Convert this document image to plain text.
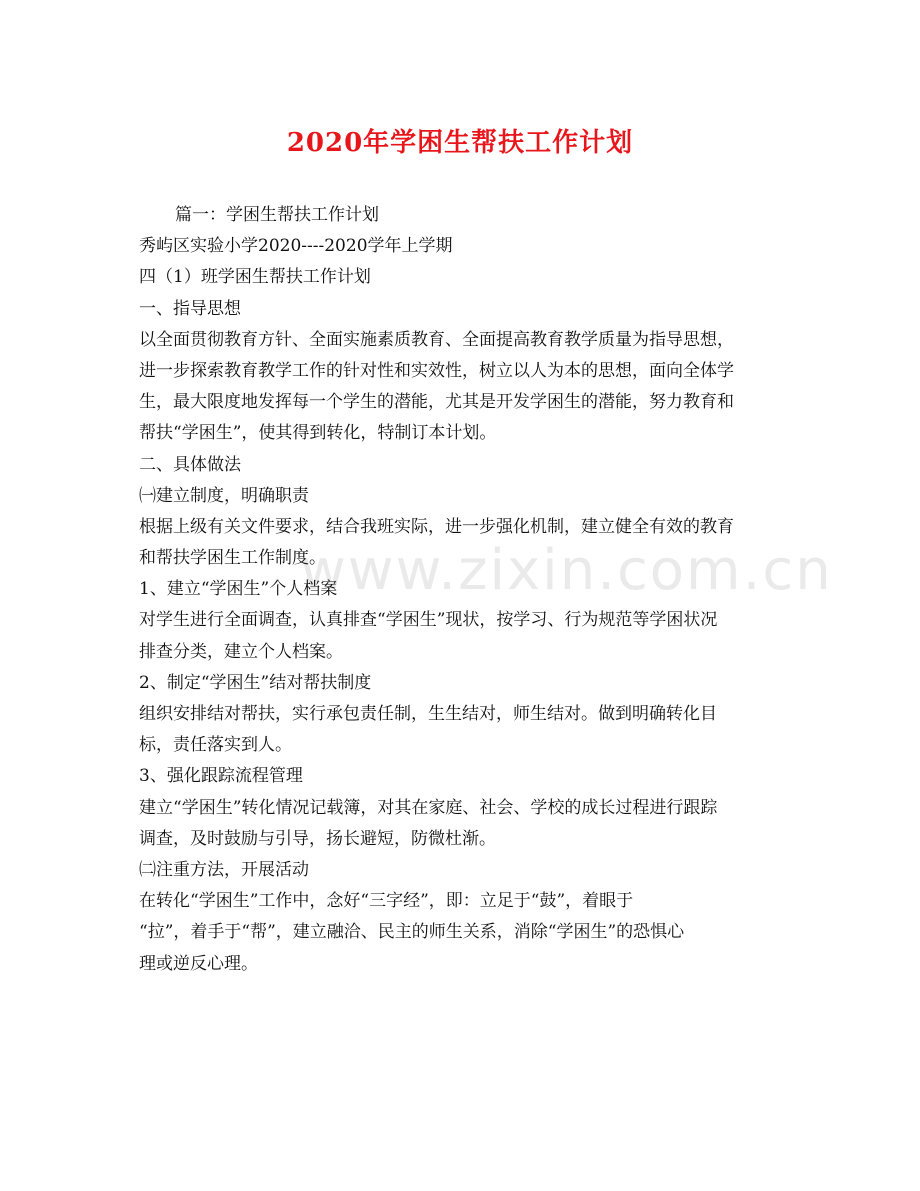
www.zixin.com.cn
2020年学困生帮扶工作计划
篇一：学困生帮扶工作计划
秀屿区实验小学2020----2020学年上学期
四（1）班学困生帮扶工作计划
一、指导思想
以全面贯彻教育方针、全面实施素质教育、全面提高教育教学质量为指导思想，
进一步探索教育教学工作的针对性和实效性，树立以人为本的思想，面向全体学
生，最大限度地发挥每一个学生的潜能，尤其是开发学困生的潜能，努力教育和
帮扶“学困生”，使其得到转化，特制订本计划。
二、具体做法
㈠建立制度，明确职责
根据上级有关文件要求，结合我班实际，进一步强化机制，建立健全有效的教育
和帮扶学困生工作制度。
1、建立“学困生”个人档案
对学生进行全面调查，认真排查“学困生”现状，按学习、行为规范等学困状况
排查分类，建立个人档案。
2、制定“学困生”结对帮扶制度
组织安排结对帮扶，实行承包责任制，生生结对，师生结对。做到明确转化目
标，责任落实到人。
3、强化跟踪流程管理
建立“学困生”转化情况记载簿，对其在家庭、社会、学校的成长过程进行跟踪
调查，及时鼓励与引导，扬长避短，防微杜渐。
㈡注重方法，开展活动
在转化“学困生”工作中，念好“三字经”，即：立足于“鼓”，着眼于
“拉”，着手于“帮”，建立融洽、民主的师生关系，消除“学困生”的恐惧心
理或逆反心理。
